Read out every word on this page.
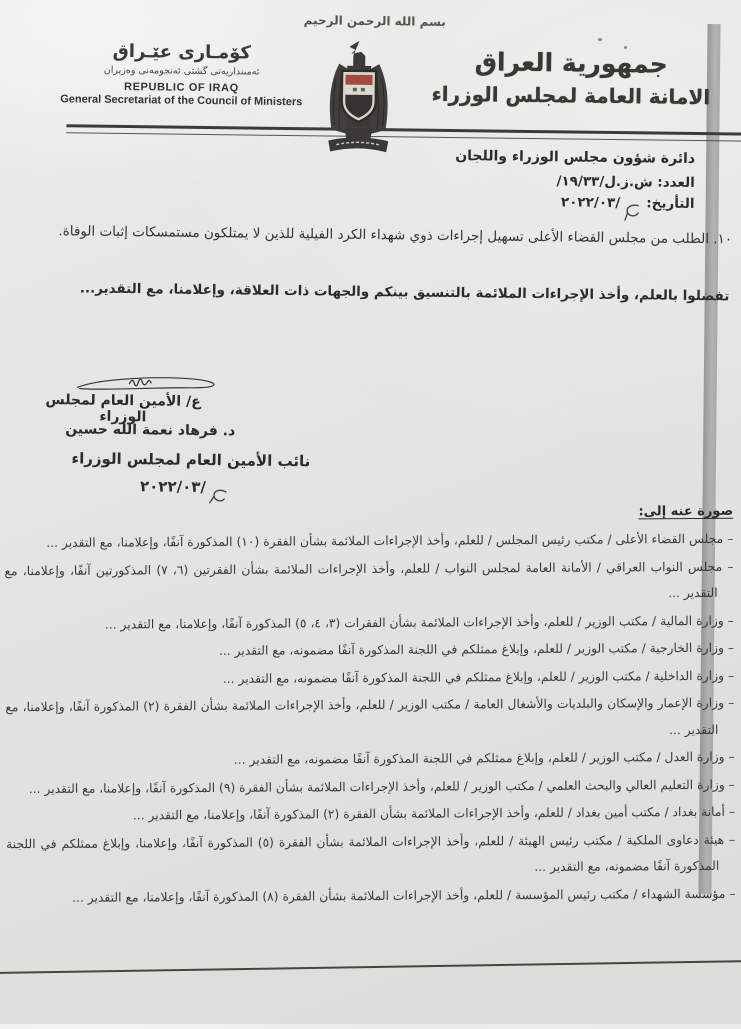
بسم الله الرحمن الرحيم
كۆمـارى عێـراق
ئەمىنداريەتى گشتى ئەنجومەنى وەزيران
REPUBLIC OF IRAQ
General Secretariat of the Council of Ministers
جمهورية العراق
الامانة العامة لمجلس الوزراء
دائرة شؤون مجلس الوزراء واللجان
العدد: ش.ز.ل/١٩/٣٣/
التأريخ:
٢٠٢٢/٠٣/
١٠. الطلب من مجلس القضاء الأعلى تسهيل إجراءات ذوي شهداء الكرد الفيلية للذين لا يمتلكون مستمسكات إثبات الوفاة.
تفضلوا بالعلم، وأخذ الإجراءات الملائمة بالتنسيق بينكم والجهات ذات العلاقة، وإعلامنا، مع التقدير...
ع/ الأمين العام لمجلس الوزراء
د. فرهاد نعمة الله حسين
نائب الأمين العام لمجلس الوزراء
٢٠٢٢/٠٣/
صورة عنه إلى:
– مجلس القضاء الأعلى / مكتب رئيس المجلس / للعلم، وأخذ الإجراءات الملائمة بشأن الفقرة (١٠) المذكورة آنفًا، وإعلامنا، مع التقدير ...
– مجلس النواب العراقي / الأمانة العامة لمجلس النواب / للعلم، وأخذ الإجراءات الملائمة بشأن الفقرتين (٦، ٧) المذكورتين آنفًا، وإعلامنا، مع التقدير ...
– وزارة المالية / مكتب الوزير / للعلم، وأخذ الإجراءات الملائمة بشأن الفقرات (٣، ٤، ٥) المذكورة آنفًا، وإعلامنا، مع التقدير ...
– وزارة الخارجية / مكتب الوزير / للعلم، وإبلاغ ممثلكم في اللجنة المذكورة آنفًا مضمونه، مع التقدير ...
– وزارة الداخلية / مكتب الوزير / للعلم، وإبلاغ ممثلكم في اللجنة المذكورة آنفًا مضمونه، مع التقدير ...
– وزارة الإعمار والإسكان والبلديات والأشغال العامة / مكتب الوزير / للعلم، وأخذ الإجراءات الملائمة بشأن الفقرة (٢) المذكورة آنفًا، وإعلامنا، مع التقدير ...
– وزارة العدل / مكتب الوزير / للعلم، وإبلاغ ممثلكم في اللجنة المذكورة آنفًا مضمونه، مع التقدير ...
– وزارة التعليم العالي والبحث العلمي / مكتب الوزير / للعلم، وأخذ الإجراءات الملائمة بشأن الفقرة (٩) المذكورة آنفًا، وإعلامنا، مع التقدير ...
– أمانة بغداد / مكتب أمين بغداد / للعلم، وأخذ الإجراءات الملائمة بشأن الفقرة (٢) المذكورة آنفًا، وإعلامنا، مع التقدير ...
– هيئة دعاوى الملكية / مكتب رئيس الهيئة / للعلم، وأخذ الإجراءات الملائمة بشأن الفقرة (٥) المذكورة آنفًا، وإعلامنا، وإبلاغ ممثلكم في اللجنة المذكورة آنفًا مضمونه، مع التقدير ...
– مؤسسة الشهداء / مكتب رئيس المؤسسة / للعلم، وأخذ الإجراءات الملائمة بشأن الفقرة (٨) المذكورة آنفًا، وإعلامنا، مع التقدير ...
